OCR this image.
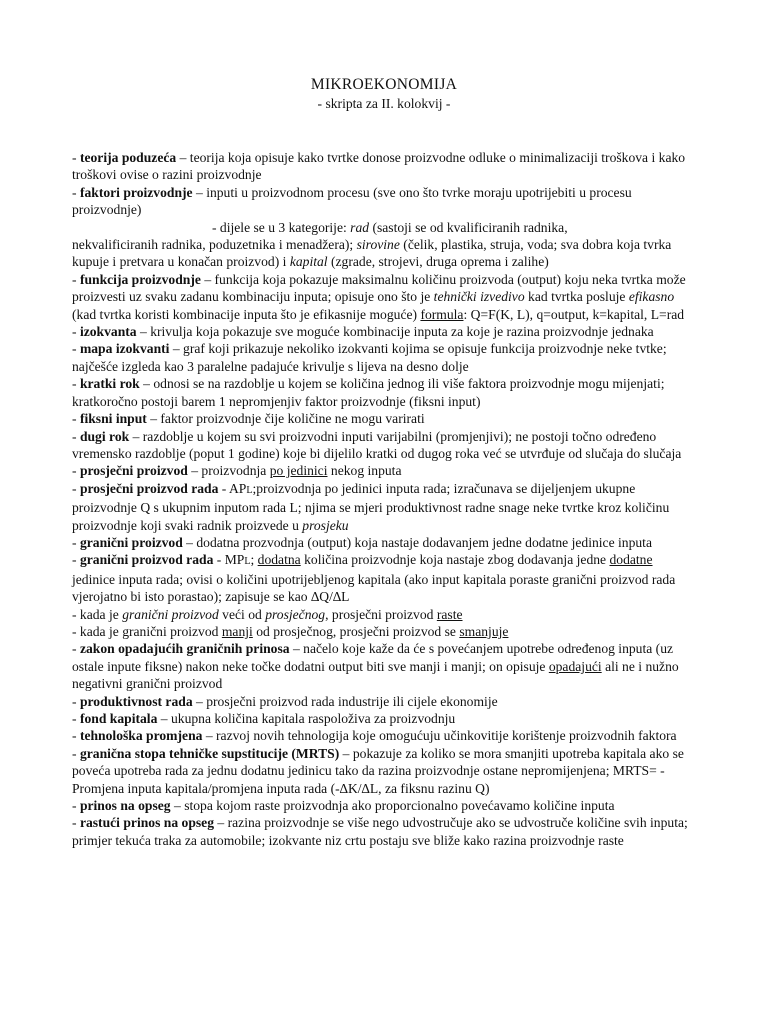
MIKROEKONOMIJA
- skripta za II. kolokvij -

- teorija poduzeća – teorija koja opisuje kako tvrtke donose proizvodne odluke o minimalizaciji troškova i kako troškovi ovise o razini proizvodnje

- faktori proizvodnje – inputi u proizvodnom procesu (sve ono što tvrke moraju upotrijebiti u procesu proizvodnje)

- dijele se u 3 kategorije: rad (sastoji se od kvalificiranih radnika,

nekvalificiranih radnika, poduzetnika i menadžera); sirovine (čelik, plastika, struja, voda; sva dobra koja tvrka kupuje i pretvara u konačan proizvod) i kapital (zgrade, strojevi, druga oprema i zalihe)

- funkcija proizvodnje – funkcija koja pokazuje maksimalnu količinu proizvoda (output) koju neka tvrtka može proizvesti uz svaku zadanu kombinaciju inputa; opisuje ono što je tehnički izvedivo kad tvrtka posluje efikasno (kad tvrtka koristi kombinacije inputa što je efikasnije moguće) formula: Q=F(K, L), q=output, k=kapital, L=rad

- izokvanta – krivulja koja pokazuje sve moguće kombinacije inputa za koje je razina proizvodnje jednaka

- mapa izokvanti – graf koji prikazuje nekoliko izokvanti kojima se opisuje funkcija proizvodnje neke tvtke; najčešće izgleda kao 3 paralelne padajuće krivulje s lijeva na desno dolje

- kratki rok – odnosi se na razdoblje u kojem se količina jednog ili više faktora proizvodnje mogu mijenjati; kratkoročno postoji barem 1 nepromjenjiv faktor proizvodnje (fiksni input)

- fiksni input – faktor proizvodnje čije količine ne mogu varirati

- dugi rok – razdoblje u kojem su svi proizvodni inputi varijabilni (promjenjivi); ne postoji točno određeno vremensko razdoblje (poput 1 godine) koje bi dijelilo kratki od dugog roka već se utvrđuje od slučaja do slučaja

- prosječni proizvod – proizvodnja po jedinici nekog inputa

- prosječni proizvod rada - APL;proizvodnja po jedinici inputa rada; izračunava se dijeljenjem ukupne proizvodnje Q s ukupnim inputom rada L; njima se mjeri produktivnost radne snage neke tvrtke kroz količinu proizvodnje koji svaki radnik proizvede u prosjeku

- granični proizvod – dodatna prozvodnja (output) koja nastaje dodavanjem jedne dodatne jedinice inputa

- granični proizvod rada - MPL; dodatna količina proizvodnje koja nastaje zbog dodavanja jedne dodatne jedinice inputa rada; ovisi o količini upotrijebljenog kapitala (ako input kapitala poraste granični proizvod rada vjerojatno bi isto porastao); zapisuje se kao ∆Q/∆L

- kada je granični proizvod veći od prosječnog, prosječni proizvod raste

- kada je granični proizvod manji od prosječnog, prosječni proizvod se smanjuje

- zakon opadajućih graničnih prinosa – načelo koje kaže da će s povećanjem upotrebe određenog inputa (uz ostale inpute fiksne) nakon neke točke dodatni output biti sve manji i manji; on opisuje opadajući ali ne i nužno negativni granični proizvod

- produktivnost rada – prosječni proizvod rada industrije ili cijele ekonomije

- fond kapitala – ukupna količina kapitala raspoloživa za proizvodnju

- tehnološka promjena – razvoj novih tehnologija koje omogućuju učinkovitije korištenje proizvodnih faktora

- granična stopa tehničke supstitucije (MRTS) – pokazuje za koliko se mora smanjiti upotreba kapitala ako se poveća upotreba rada za jednu dodatnu jedinicu tako da razina proizvodnje ostane nepromijenjena; MRTS= - Promjena inputa kapitala/promjena inputa rada (-∆K/∆L, za fiksnu razinu Q)

- prinos na opseg – stopa kojom raste proizvodnja ako proporcionalno povećavamo količine inputa

- rastući prinos na opseg – razina proizvodnje se više nego udvostručuje ako se udvostruče količine svih inputa; primjer tekuća traka za automobile; izokvante niz crtu postaju sve bliže kako razina proizvodnje raste
